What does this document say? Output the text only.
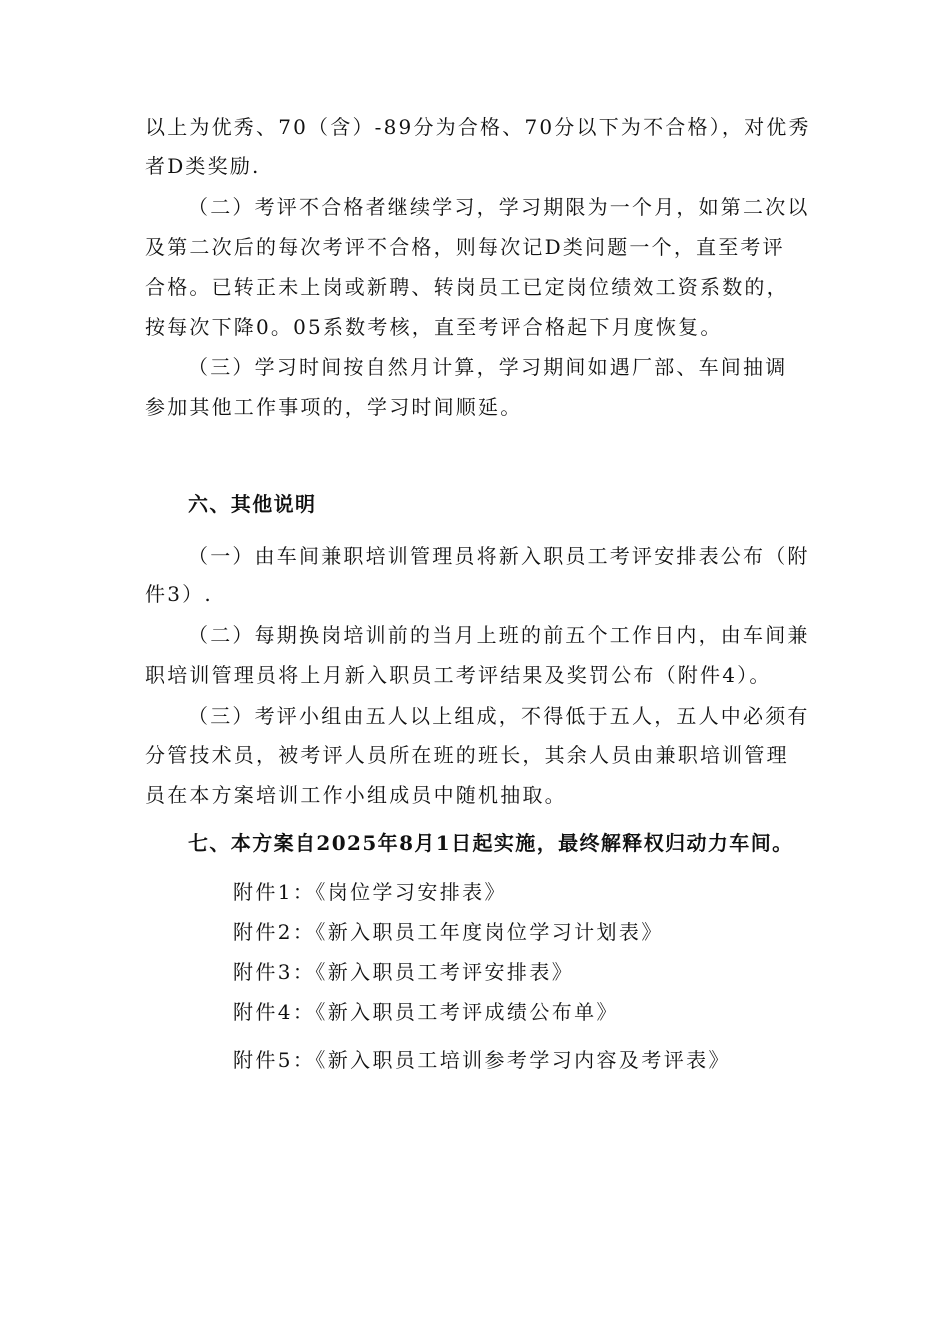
以上为优秀、70（含）-89分为合格、70分以下为不合格），对优秀
者D类奖励.
（二）考评不合格者继续学习，学习期限为一个月，如第二次以
及第二次后的每次考评不合格，则每次记D类问题一个，直至考评
合格。已转正未上岗或新聘、转岗员工已定岗位绩效工资系数的，
按每次下降0。05系数考核，直至考评合格起下月度恢复。
（三）学习时间按自然月计算，学习期间如遇厂部、车间抽调
参加其他工作事项的，学习时间顺延。
六、其他说明
（一）由车间兼职培训管理员将新入职员工考评安排表公布（附
件3）.
（二）每期换岗培训前的当月上班的前五个工作日内，由车间兼
职培训管理员将上月新入职员工考评结果及奖罚公布（附件4）。
（三）考评小组由五人以上组成，不得低于五人，五人中必须有
分管技术员，被考评人员所在班的班长，其余人员由兼职培训管理
员在本方案培训工作小组成员中随机抽取。
七、本方案自2025年8月1日起实施，最终解释权归动力车间。
附件1：《岗位学习安排表》
附件2：《新入职员工年度岗位学习计划表》
附件3：《新入职员工考评安排表》
附件4：《新入职员工考评成绩公布单》
附件5：《新入职员工培训参考学习内容及考评表》
